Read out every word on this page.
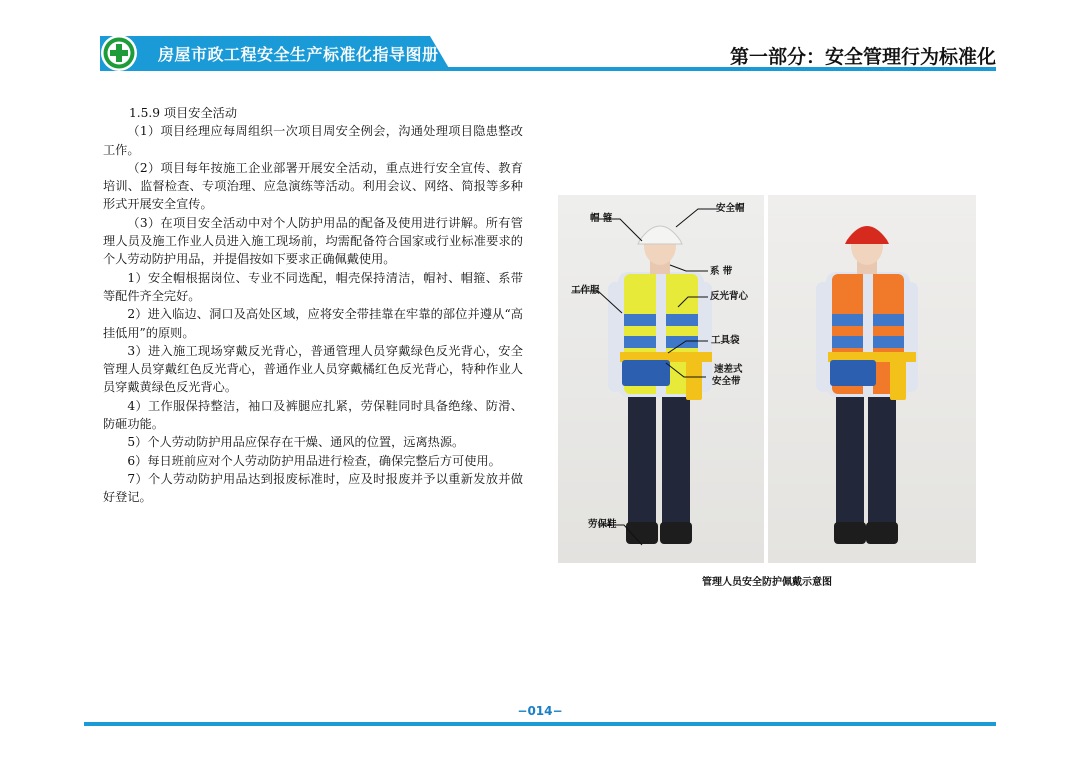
房屋市政工程安全生产标准化指导图册	第一部分：安全管理行为标准化

1.5.9 项目安全活动

（1）项目经理应每周组织一次项目周安全例会，沟通处理项目隐患整改工作。

（2）项目每年按施工企业部署开展安全活动，重点进行安全宣传、教育培训、监督检查、专项治理、应急演练等活动。利用会议、网络、简报等多种形式开展安全宣传。

（3）在项目安全活动中对个人防护用品的配备及使用进行讲解。所有管理人员及施工作业人员进入施工现场前，均需配备符合国家或行业标准要求的个人劳动防护用品，并提倡按如下要求正确佩戴使用。

1）安全帽根据岗位、专业不同选配，帽壳保持清洁，帽衬、帽箍、系带等配件齐全完好。

2）进入临边、洞口及高处区域，应将安全带挂靠在牢靠的部位并遵从“高挂低用”的原则。

3）进入施工现场穿戴反光背心，普通管理人员穿戴绿色反光背心，安全管理人员穿戴红色反光背心，普通作业人员穿戴橘红色反光背心，特种作业人员穿戴黄绿色反光背心。

4）工作服保持整洁，袖口及裤腿应扎紧，劳保鞋同时具备绝缘、防滑、防砸功能。

5）个人劳动防护用品应保存在干燥、通风的位置，远离热源。

6）每日班前应对个人劳动防护用品进行检查，确保完整后方可使用。

7）个人劳动防护用品达到报废标准时，应及时报废并予以重新发放并做好登记。

帽 箍
安全帽
系 带
工作服
反光背心
工具袋
速差式
安全带
劳保鞋
管理人员安全防护佩戴示意图
−014−
